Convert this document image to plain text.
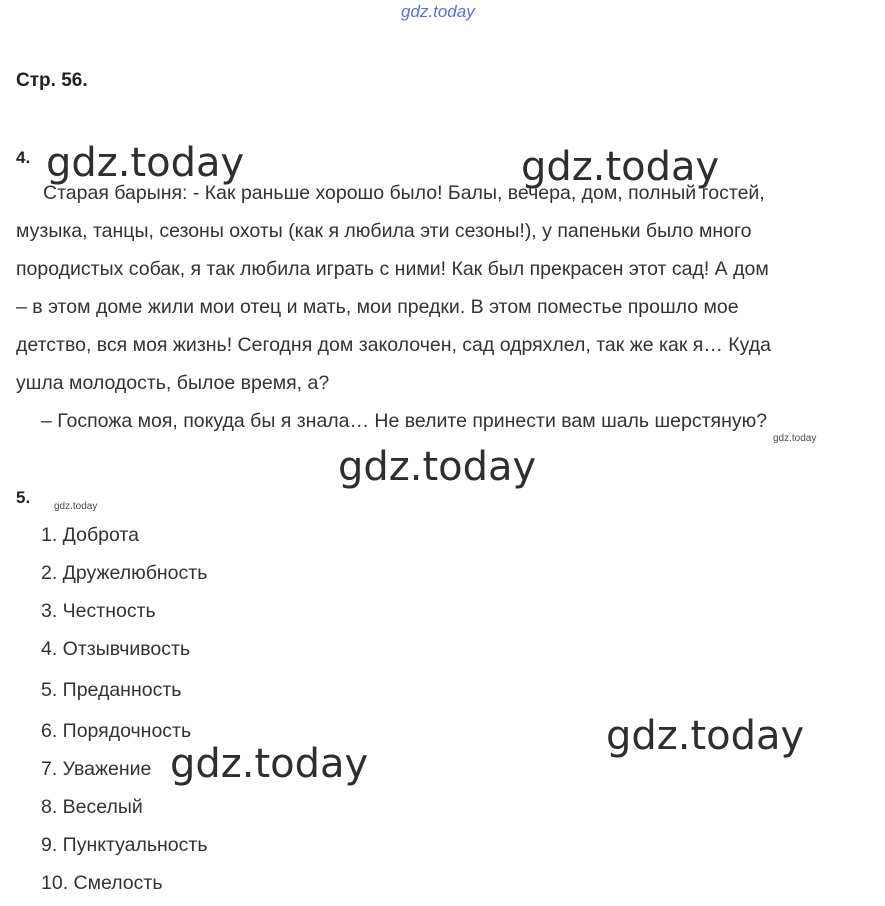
gdz.today
Стр. 56.
4.
Старая барыня: - Как раньше хорошо было! Балы, вечера, дом, полный гостей,
музыка, танцы, сезоны охоты (как я любила эти сезоны!), у папеньки было много
породистых собак, я так любила играть с ними! Как был прекрасен этот сад! А дом
– в этом доме жили мои отец и мать, мои предки. В этом поместье прошло мое
детство, вся моя жизнь! Сегодня дом заколочен, сад одряхлел, так же как я… Куда
ушла молодость, былое время, а?
– Госпожа моя, покуда бы я знала… Не велите принести вам шаль шерстяную?
5.
1. Доброта
2. Дружелюбность
3. Честность
4. Отзывчивость
5. Преданность
6. Порядочность
7. Уважение
8. Веселый
9. Пунктуальность
10. Смелость
gdz.today	gdz.today
gdz.today
gdz.today
gdz.today
gdz.today
gdz.today
